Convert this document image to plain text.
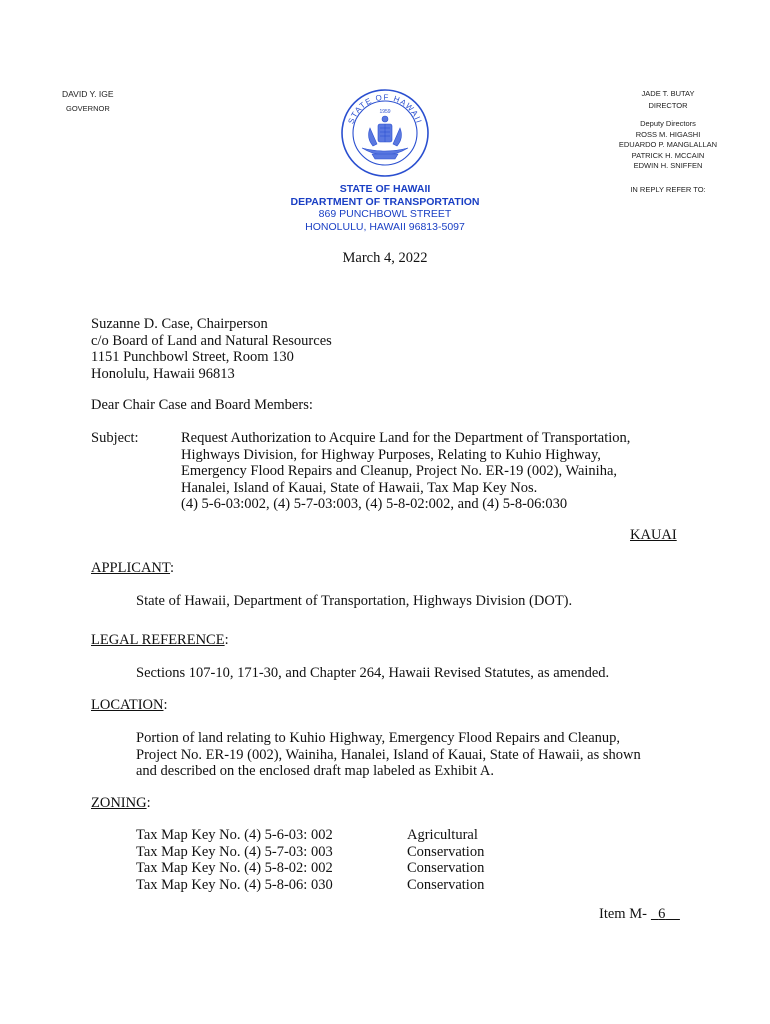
DAVID Y. IGE
GOVERNOR
STATE OF HAWAII
1959
JADE T. BUTAY
DIRECTOR
Deputy Directors
ROSS M. HIGASHI
EDUARDO P. MANGLALLAN
PATRICK H. MCCAIN
EDWIN H. SNIFFEN
IN REPLY REFER TO:
STATE OF HAWAII
DEPARTMENT OF TRANSPORTATION
869 PUNCHBOWL STREET
HONOLULU, HAWAII 96813-5097
March 4, 2022
Suzanne D. Case, Chairperson
c/o Board of Land and Natural Resources
1151 Punchbowl Street, Room 130
Honolulu, Hawaii 96813
Dear Chair Case and Board Members:
Subject:	Request Authorization to Acquire Land for the Department of Transportation,
Highways Division, for Highway Purposes, Relating to Kuhio Highway,
Emergency Flood Repairs and Cleanup, Project No. ER-19 (002), Wainiha,
Hanalei, Island of Kauai, State of Hawaii, Tax Map Key Nos.
(4) 5-6-03:002, (4) 5-7-03:003, (4) 5-8-02:002, and (4) 5-8-06:030
KAUAI
APPLICANT:
State of Hawaii, Department of Transportation, Highways Division (DOT).
LEGAL REFERENCE:
Sections 107-10, 171-30, and Chapter 264, Hawaii Revised Statutes, as amended.
LOCATION:
Portion of land relating to Kuhio Highway, Emergency Flood Repairs and Cleanup,
Project No. ER-19 (002), Wainiha, Hanalei, Island of Kauai, State of Hawaii, as shown
and described on the enclosed draft map labeled as Exhibit A.
ZONING:
Tax Map Key No. (4) 5-6-03: 002	Agricultural
Tax Map Key No. (4) 5-7-03: 003	Conservation
Tax Map Key No. (4) 5-8-02: 002	Conservation
Tax Map Key No. (4) 5-8-06: 030	Conservation
Item M-  6  
